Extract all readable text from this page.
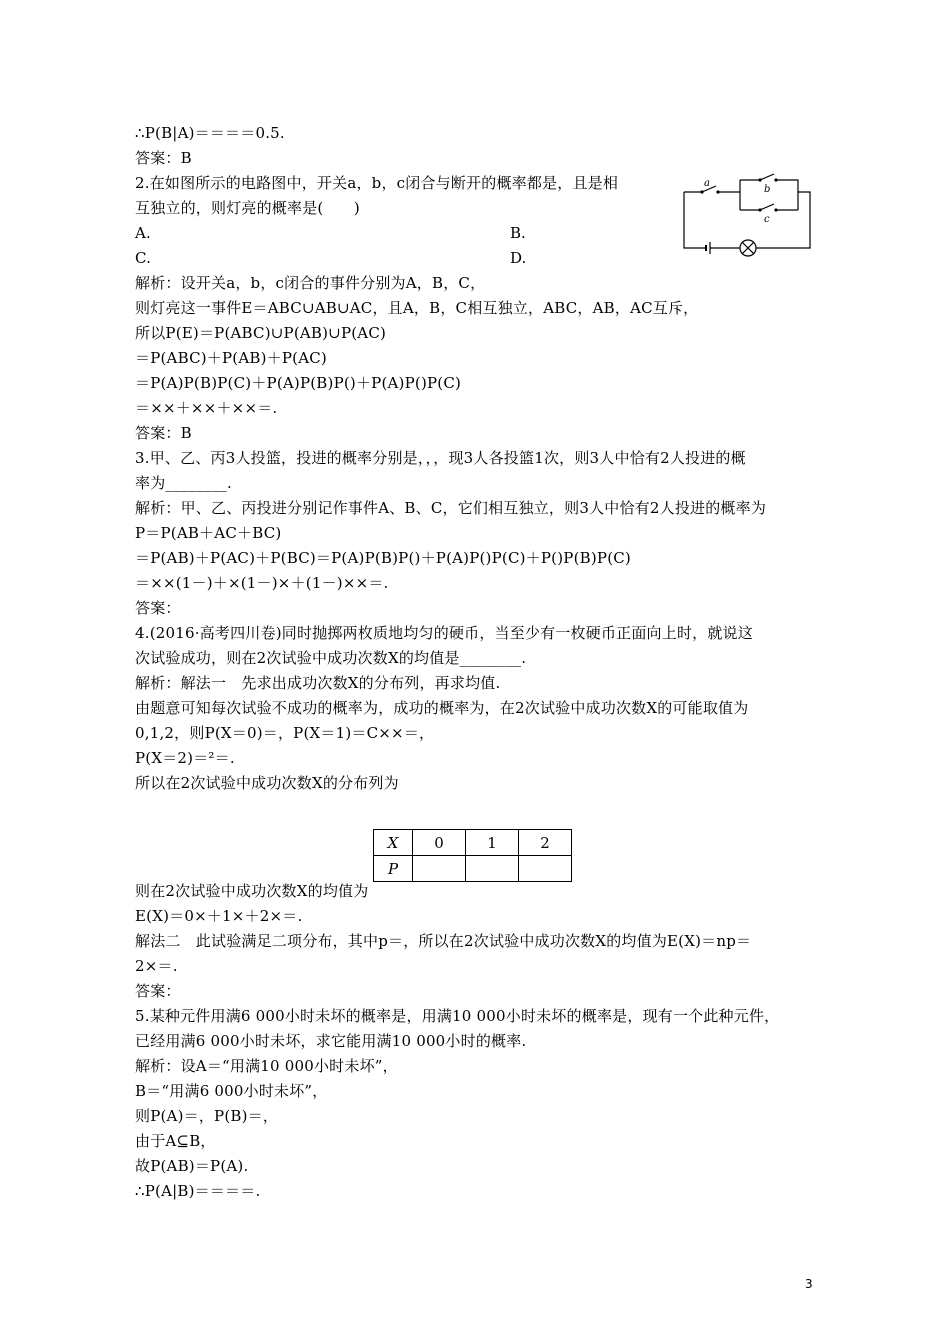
∴P(B|A)＝＝＝＝0.5.
答案：B
2.在如图所示的电路图中，开关a，b，c闭合与断开的概率都是，且是相
互独立的，则灯亮的概率是(　　)
A.	B.
C.	D.
解析：设开关a，b，c闭合的事件分别为A，B，C，
则灯亮这一事件E＝ABC∪AB∪AC，且A，B，C相互独立，ABC，AB，AC互斥，
所以P(E)＝P(ABC)∪P(AB)∪P(AC)
＝P(ABC)＋P(AB)＋P(AC)
＝P(A)P(B)P(C)＋P(A)P(B)P()＋P(A)P()P(C)
＝××＋××＋××＝.
答案：B
3.甲、乙、丙3人投篮，投进的概率分别是，，，现3人各投篮1次，则3人中恰有2人投进的概
率为________.
解析：甲、乙、丙投进分别记作事件A、B、C，它们相互独立，则3人中恰有2人投进的概率为
P＝P(AB＋AC＋BC)
＝P(AB)＋P(AC)＋P(BC)＝P(A)P(B)P()＋P(A)P()P(C)＋P()P(B)P(C)
＝××(1－)＋×(1－)×＋(1－)××＝.
答案：
4.(2016·高考四川卷)同时抛掷两枚质地均匀的硬币，当至少有一枚硬币正面向上时，就说这
次试验成功，则在2次试验中成功次数X的均值是________.
解析：解法一　先求出成功次数X的分布列，再求均值.
由题意可知每次试验不成功的概率为，成功的概率为，在2次试验中成功次数X的可能取值为
0,1,2，则P(X＝0)＝，P(X＝1)＝C××＝，
P(X＝2)＝²＝.
所以在2次试验中成功次数X的分布列为
X	0	1	2
P			
则在2次试验中成功次数X的均值为
E(X)＝0×＋1×＋2×＝.
解法二　此试验满足二项分布，其中p＝，所以在2次试验中成功次数X的均值为E(X)＝np＝
2×＝.
答案：
5.某种元件用满6 000小时未坏的概率是，用满10 000小时未坏的概率是，现有一个此种元件，
已经用满6 000小时未坏，求它能用满10 000小时的概率.
解析：设A＝“用满10 000小时未坏”，
B＝“用满6 000小时未坏”，
则P(A)＝，P(B)＝，
由于A⊆B，
故P(AB)＝P(A).
∴P(A|B)＝＝＝＝.
a
b
c
3
